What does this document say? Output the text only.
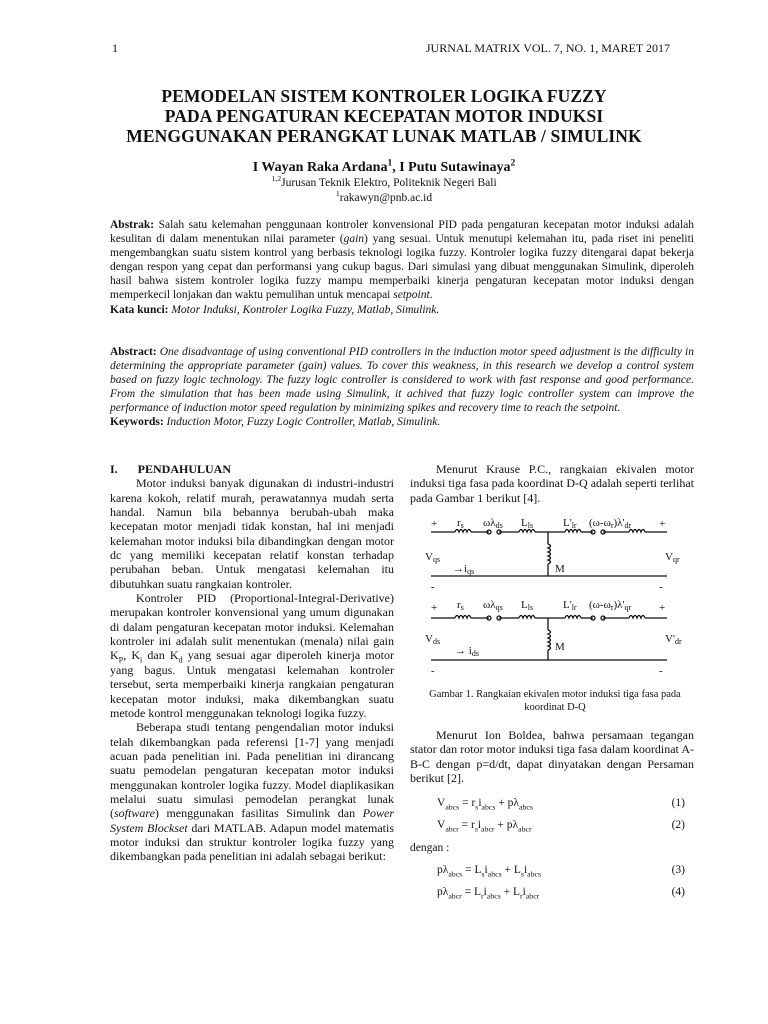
1	JURNAL MATRIX VOL. 7, NO. 1, MARET 2017
PEMODELAN SISTEM KONTROLER LOGIKA FUZZY
PADA PENGATURAN KECEPATAN MOTOR INDUKSI
MENGGUNAKAN PERANGKAT LUNAK MATLAB / SIMULINK
I Wayan Raka Ardana$^1$, I Putu Sutawinaya$^2$
$^{1,2}$Jurusan Teknik Elektro, Politeknik Negeri Bali
$^1$rakawyn@pnb.ac.id
Abstrak: Salah satu kelemahan penggunaan kontroler konvensional PID pada pengaturan kecepatan motor induksi adalah kesulitan di dalam menentukan nilai parameter (gain) yang sesuai. Untuk menutupi kelemahan itu, pada riset ini peneliti mengembangkan suatu sistem kontrol yang berbasis teknologi logika fuzzy. Kontroler logika fuzzy ditengarai dapat bekerja dengan respon yang cepat dan performansi yang cukup bagus. Dari simulasi yang dibuat menggunakan Simulink, diperoleh hasil bahwa sistem kontroler logika fuzzy mampu memperbaiki kinerja pengaturan kecepatan motor induksi dengan memperkecil lonjakan dan waktu pemulihan untuk mencapai setpoint.
Kata kunci: Motor Induksi, Kontroler Logika Fuzzy, Matlab, Simulink.
Abstract: One disadvantage of using conventional PID controllers in the induction motor speed adjustment is the difficulty in determining the appropriate parameter (gain) values. To cover this weakness, in this research we develop a control system based on fuzzy logic technology. The fuzzy logic controller is considered to work with fast response and good performance. From the simulation that has been made using Simulink, it achived that fuzzy logic controller system can improve the performance of induction motor speed regulation by minimizing spikes and recovery time to reach the setpoint.
Keywords: Induction Motor, Fuzzy Logic Controller, Matlab, Simulink.

I. PENDAHULUAN

Motor induksi banyak digunakan di industri-industri karena kokoh, relatif murah, perawatannya mudah serta handal. Namun bila bebannya berubah-ubah maka kecepatan motor menjadi tidak konstan, hal ini menjadi kelemahan motor induksi bila dibandingkan dengan motor dc yang memiliki kecepatan relatif konstan terhadap perubahan beban. Untuk mengatasi kelemahan itu dibutuhkan suatu rangkaian kontroler.

Kontroler PID (Proportional-Integral-Derivative) merupakan kontroler konvensional yang umum digunakan di dalam pengaturan kecepatan motor induksi. Kelemahan kontroler ini adalah sulit menentukan (menala) nilai gain $K_P$, $K_i$ dan $K_d$ yang sesuai agar diperoleh kinerja motor yang bagus. Untuk mengatasi kelemahan kontroler tersebut, serta memperbaiki kinerja rangkaian pengaturan kecepatan motor induksi, maka dikembangkan suatu metode kontrol menggunakan teknologi logika fuzzy.

Beberapa studi tentang pengendalian motor induksi telah dikembangkan pada referensi [1-7] yang menjadi acuan pada penelitian ini. Pada penelitian ini dirancang suatu pemodelan pengaturan kecepatan motor induksi menggunakan kontroler logika fuzzy. Model diaplikasikan melalui suatu simulasi pemodelan perangkat lunak (software) menggunakan fasilitas Simulink dan Power System Blockset dari MATLAB. Adapun model matematis motor induksi dan struktur kontroler logika fuzzy yang dikembangkan pada penelitian ini adalah sebagai berikut:

Menurut Krause P.C., rangkaian ekivalen motor induksi tiga fasa pada koordinat D-Q adalah seperti terlihat pada Gambar 1 berikut [4].

+	+
rs ωλds Lls	L'lr (ω-ωr)λ'dr
Vqs	Vqr
→iqs	M
-	-
+	+
rs ωλqs Lls	L'lr (ω-ωr)λ'qr
Vds	V'dr
→ ids
M
-	-
Gambar 1. Rangkaian ekivalen motor induksi tiga fasa pada koordinat D-Q

Menurut Ion Boldea, bahwa persamaan tegangan stator dan rotor motor induksi tiga fasa dalam koordinat A-B-C dengan p=d/dt, dapat dinyatakan dengan Persaman berikut [2].

$V_{abcs} = r_si_{abcs} + p\lambda_{abcs}$	(1)
$V_{abcr} = r_si_{abcr} + p\lambda_{abcr}$	(2)
dengan :
$p\lambda_{abcs} = L_si_{abcs} + L_si_{abcs}$	(3)
$p\lambda_{abcr} = L_ri_{abcs} + L_ri_{abcr}$	(4)
